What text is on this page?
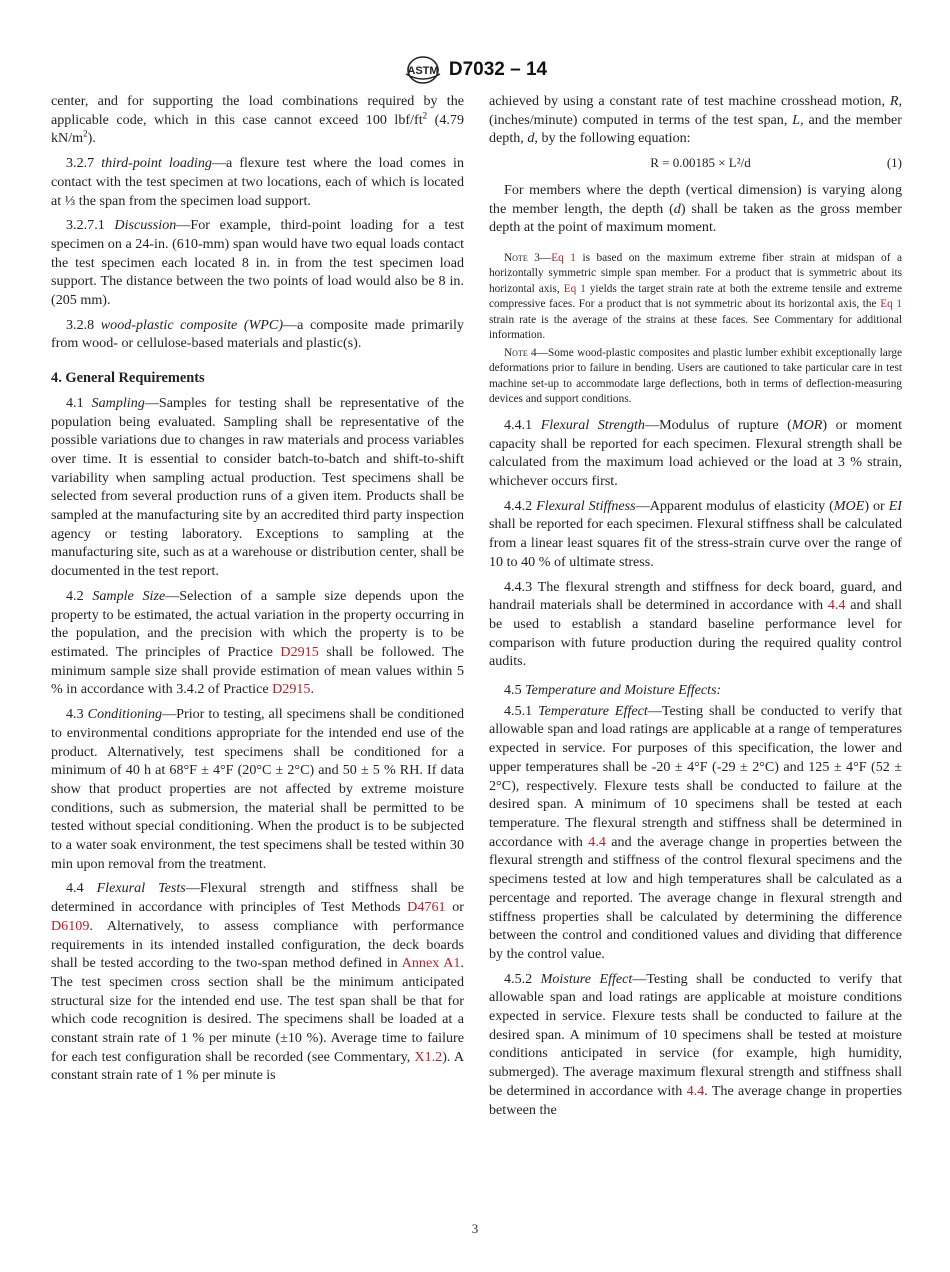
ASTM D7032 – 14

center, and for supporting the load combinations required by the applicable code, which in this case cannot exceed 100 lbf/$ft^2$ (4.79 $kN/m^2$).

3.2.7 third-point loading—a flexure test where the load comes in contact with the test specimen at two locations, each of which is located at ⅓ the span from the specimen load support.

3.2.7.1 Discussion—For example, third-point loading for a test specimen on a 24-in. (610-mm) span would have two equal loads contact the test specimen each located 8 in. in from the test specimen load support. The distance between the two points of load would also be 8 in. (205 mm).

3.2.8 wood-plastic composite (WPC)—a composite made primarily from wood- or cellulose-based materials and plastic(s).

4. General Requirements

4.1 Sampling—Samples for testing shall be representative of the population being evaluated. Sampling shall be representative of the possible variations due to changes in raw materials and process variables over time. It is essential to consider batch-to-batch and shift-to-shift variability when sampling actual production. Test specimens shall be selected from several production runs of a given item. Products shall be sampled at the manufacturing site by an accredited third party inspection agency or testing laboratory. Exceptions to sampling at the manufacturing site, such as at a warehouse or distribution center, shall be documented in the test report.

4.2 Sample Size—Selection of a sample size depends upon the property to be estimated, the actual variation in the property occurring in the population, and the precision with which the property is to be estimated. The principles of Practice D2915 shall be followed. The minimum sample size shall provide estimation of mean values within 5 % in accordance with 3.4.2 of Practice D2915.

4.3 Conditioning—Prior to testing, all specimens shall be conditioned to environmental conditions appropriate for the intended end use of the product. Alternatively, test specimens shall be conditioned for a minimum of 40 h at 68°F ± 4°F (20°C ± 2°C) and 50 ± 5 % RH. If data show that product properties are not affected by extreme moisture conditions, such as submersion, the material shall be permitted to be tested without special conditioning. When the product is to be subjected to a water soak environment, the test specimens shall be tested within 30 min upon removal from the treatment.

4.4 Flexural Tests—Flexural strength and stiffness shall be determined in accordance with principles of Test Methods D4761 or D6109. Alternatively, to assess compliance with performance requirements in its intended installed configuration, the deck boards shall be tested according to the two-span method defined in Annex A1. The test specimen cross section shall be the minimum anticipated structural size for the intended end use. The test span shall be that for which code recognition is desired. The specimens shall be loaded at a constant strain rate of 1 % per minute (±10 %). Average time to failure for each test configuration shall be recorded (see Commentary, X1.2). A constant strain rate of 1 % per minute is

achieved by using a constant rate of test machine crosshead motion, R, (inches/minute) computed in terms of the test span, L, and the member depth, d, by the following equation:

R = 0.00185 × L²/d	(1)

For members where the depth (vertical dimension) is varying along the member length, the depth (d) shall be taken as the gross member depth at the point of maximum moment.

Note 3—Eq 1 is based on the maximum extreme fiber strain at midspan of a horizontally symmetric simple span member. For a product that is symmetric about its horizontal axis, Eq 1 yields the target strain rate at both the extreme tensile and extreme compressive faces. For a product that is not symmetric about its horizontal axis, the Eq 1 strain rate is the average of the strains at these faces. See Commentary for additional information.

Note 4—Some wood-plastic composites and plastic lumber exhibit exceptionally large deformations prior to failure in bending. Users are cautioned to take particular care in test machine set-up to accommodate large deflections, both in terms of deflection-measuring devices and support conditions.

4.4.1 Flexural Strength—Modulus of rupture (MOR) or moment capacity shall be reported for each specimen. Flexural strength shall be calculated from the maximum load achieved or the load at 3 % strain, whichever occurs first.

4.4.2 Flexural Stiffness—Apparent modulus of elasticity (MOE) or EI shall be reported for each specimen. Flexural stiffness shall be calculated from a linear least squares fit of the stress-strain curve over the range of 10 to 40 % of ultimate stress.

4.4.3 The flexural strength and stiffness for deck board, guard, and handrail materials shall be determined in accordance with 4.4 and shall be used to establish a standard baseline performance level for comparison with future production during the required quality control audits.

4.5 Temperature and Moisture Effects:

4.5.1 Temperature Effect—Testing shall be conducted to verify that allowable span and load ratings are applicable at a range of temperatures expected in service. For purposes of this specification, the lower and upper temperatures shall be -20 ± 4°F (-29 ± 2°C) and 125 ± 4°F (52 ± 2°C), respectively. Flexure tests shall be conducted to failure at the desired span. A minimum of 10 specimens shall be tested at each temperature. The flexural strength and stiffness shall be determined in accordance with 4.4 and the average change in properties between the flexural strength and stiffness of the control flexural specimens and the specimens tested at low and high temperatures shall be calculated as a percentage and reported. The average change in flexural strength and stiffness properties shall be calculated by determining the difference between the control and conditioned values and dividing that difference by the control value.

4.5.2 Moisture Effect—Testing shall be conducted to verify that allowable span and load ratings are applicable at moisture conditions expected in service. Flexure tests shall be conducted to failure at the desired span. A minimum of 10 specimens shall be tested at moisture conditions anticipated in service (for example, high humidity, submerged). The average maximum flexural strength and stiffness shall be determined in accordance with 4.4. The average change in properties between the

3
